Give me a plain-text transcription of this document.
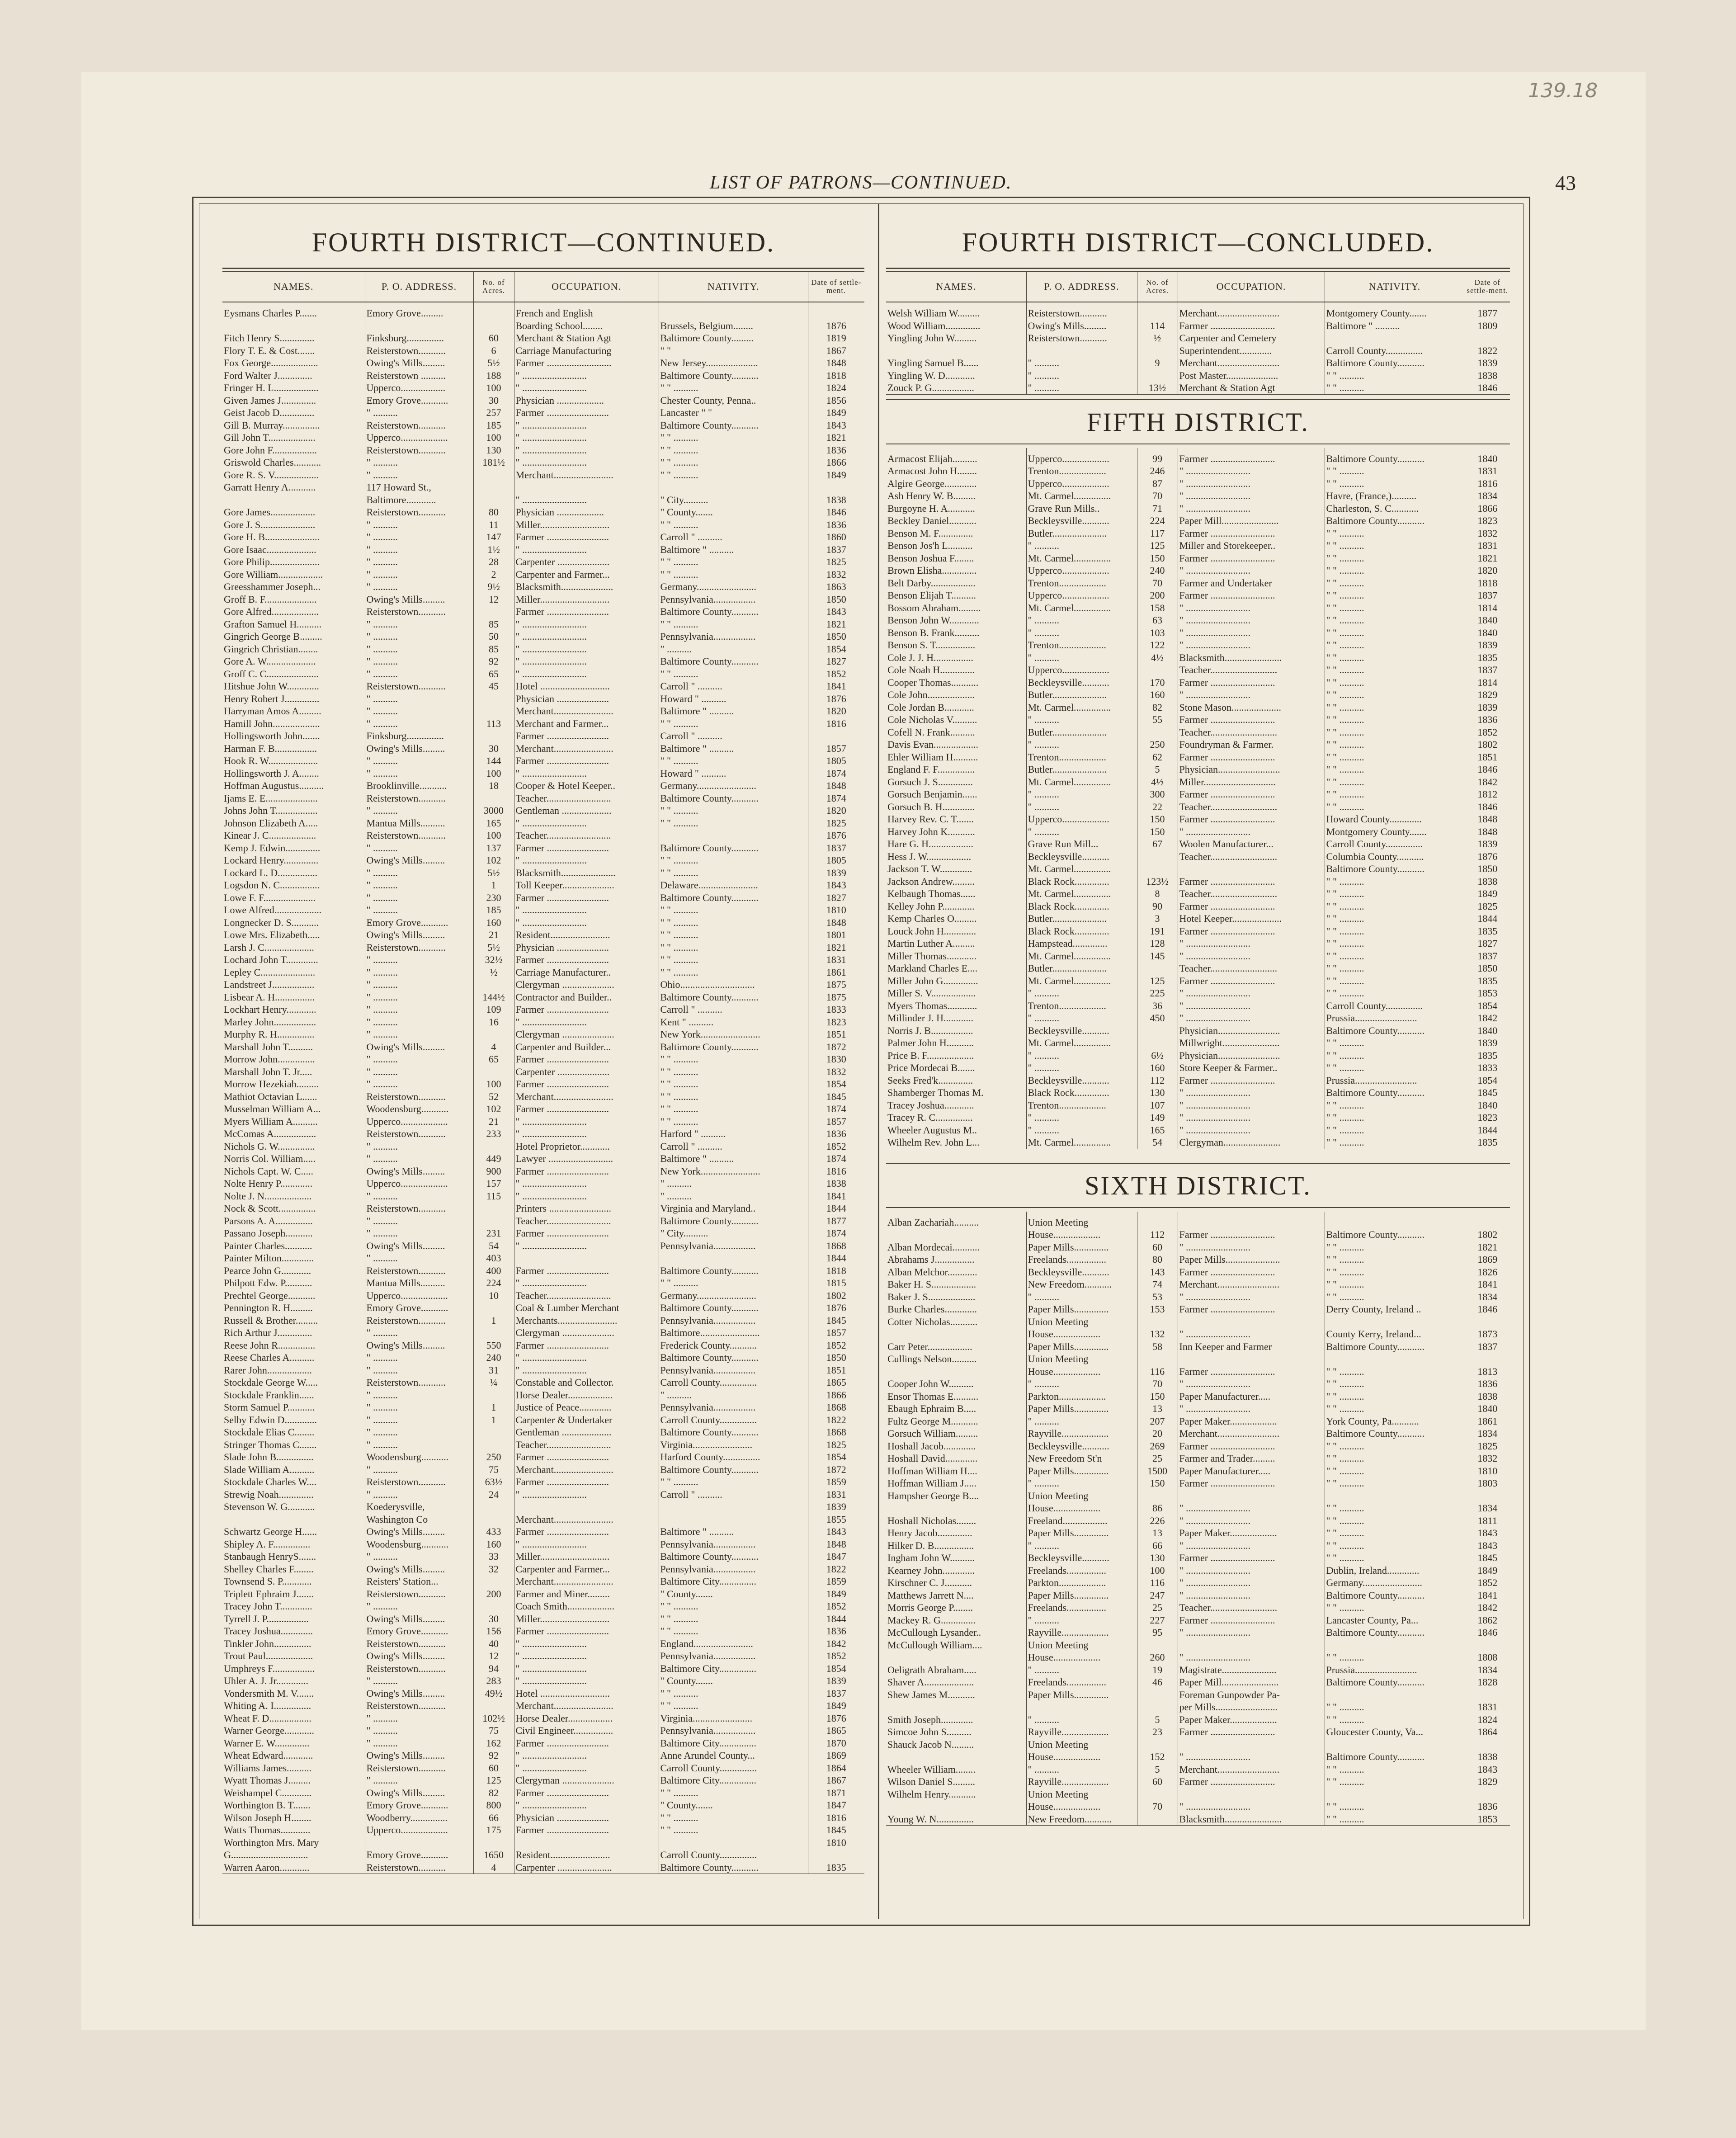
139.18
LIST OF PATRONS—CONTINUED.	43
FOURTH DISTRICT—CONTINUED.
NAMES.	P. O. ADDRESS.	No. of Acres.	OCCUPATION.	NATIVITY.	Date of settle-ment.
Eysmans Charles P.......	Emory Grove.........		French and English		
			Boarding School........	Brussels, Belgium........	1876
Fitch Henry S..............	Finksburg...............	60	Merchant & Station Agt	Baltimore County.........	1819
Flory T. E. & Cost.......	Reisterstown...........	6	Carriage Manufacturing	" "	1867
Fox George...................	Owing's Mills.........	5½	Farmer ..........................	New Jersey.....................	1848
Ford Walter J..............	Reisterstown ..........	188	" ..........................	Baltimore County...........	1818
Fringer H. L..................	Upperco..................	100	" ..........................	" " ..........	1824
Given James J..............	Emory Grove...........	30	Physician ...................	Chester County, Penna..	1856
Geist Jacob D..............	" ..........	257	Farmer .........................	Lancaster " "	1849
Gill B. Murray...............	Reisterstown...........	185	" ..........................	Baltimore County...........	1843
Gill John T...................	Upperco...................	100	" ..........................	" " ..........	1821
Gore John F..................	Reisterstown...........	130	" ..........................	" " ..........	1836
Griswold Charles...........	" ..........	181½	" ..........................	" " ..........	1866
Gore R. S. V..................	" ..........		Merchant........................	" " ..........	1849
Garratt Henry A...........	117 Howard St.,				
	Baltimore............		" ..........................	" City..........	1838
Gore James..................	Reisterstown...........	80	Physician ...................	" County.......	1846
Gore J. S......................	" ..........	11	Miller............................	" " ..........	1836
Gore H. B......................	" ..........	147	Farmer .........................	Carroll " ..........	1860
Gore Isaac....................	" ..........	1½	" ..........................	Baltimore " ..........	1837
Gore Philip....................	" ..........	28	Carpenter .....................	" " ..........	1825
Gore William..................	" ..........	2	Carpenter and Farmer...	" " ..........	1832
Greesshammer Joseph...	" ..........	9½	Blacksmith.....................	Germany........................	1863
Groff B. F.....................	Owing's Mills.........	12	Miller............................	Pennsylvania.................	1850
Gore Alfred...................	Reisterstown...........		Farmer .........................	Baltimore County...........	1843
Grafton Samuel H..........	" ..........	85	" ..........................	" " ..........	1821
Gingrich George B.........	" ..........	50	" ..........................	Pennsylvania.................	1850
Gingrich Christian........	" ..........	85	" ..........................	" ..........	1854
Gore A. W....................	" ..........	92	" ..........................	Baltimore County...........	1827
Groff C. C.....................	" ..........	65	" ..........................	" " ..........	1852
Hitshue John W.............	Reisterstown...........	45	Hotel ............................	Carroll " ..........	1841
Henry Robert J..............	" ..........		Physician .....................	Howard " ..........	1876
Harryman Amos A.........	" ..........		Merchant........................	Baltimore " ..........	1820
Hamill John...................	" ..........	113	Merchant and Farmer...	" " ..........	1816
Hollingsworth John.......	Finksburg...............		Farmer .........................	Carroll " ..........	
Harman F. B.................	Owing's Mills.........	30	Merchant........................	Baltimore " ..........	1857
Hook R. W....................	" ..........	144	Farmer .........................	" " ..........	1805
Hollingsworth J. A........	" ..........	100	" ..........................	Howard " ..........	1874
Hoffman Augustus..........	Brooklinville...........	18	Cooper & Hotel Keeper..	Germany........................	1848
Ijams E. E.....................	Reisterstown...........		Teacher..........................	Baltimore County...........	1874
Johns John T.................	" ..........	3000	Gentleman ....................	" " ..........	1820
Johnson Elizabeth A.....	Mantua Mills..........	165	" ..........................	" " ..........	1825
Kinear J. C...................	Reisterstown...........	100	Teacher..........................		1876
Kemp J. Edwin..............	" ..........	137	Farmer .........................	Baltimore County...........	1837
Lockard Henry..............	Owing's Mills.........	102	" ..........................	" " ..........	1805
Lockard L. D................	" ..........	5½	Blacksmith......................	" " ..........	1839
Logsdon N. C................	" ..........	1	Toll Keeper.....................	Delaware........................	1843
Lowe F. F.....................	" ..........	230	Farmer .........................	Baltimore County...........	1827
Lowe Alfred...................	" ..........	185	" ..........................	" " ..........	1810
Longnecker D. S...........	Emory Grove...........	160	" ..........................	" " ..........	1848
Lowe Mrs. Elizabeth.....	Owing's Mills.........	21	Resident........................	" " ..........	1801
Larsh J. C....................	Reisterstown...........	5½	Physician .....................	" " ..........	1821
Lochard John T.............	" ..........	32½	Farmer .........................	" " ..........	1831
Lepley C......................	" ..........	½	Carriage Manufacturer..	" " ..........	1861
Landstreet J.................	" ..........		Clergyman .....................	Ohio..............................	1875
Lisbear A. H................	" ..........	144½	Contractor and Builder..	Baltimore County...........	1875
Lockhart Henry............	" ..........	109	Farmer .........................	Carroll " ..........	1833
Marley John.................	" ..........	16	" ..........................	Kent " ..........	1823
Murphy R. H...............	" ..........		Clergyman .....................	New York........................	1851
Marshall John T..........	Owing's Mills.........	4	Carpenter and Builder...	Baltimore County...........	1872
Morrow John...............	" ..........	65	Farmer .........................	" " ..........	1830
Marshall John T. Jr.....	" ..........		Carpenter .....................	" " ..........	1832
Morrow Hezekiah.........	" ..........	100	Farmer .........................	" " ..........	1854
Mathiot Octavian L......	Reisterstown...........	52	Merchant........................	" " ..........	1845
Musselman William A...	Woodensburg...........	102	Farmer .........................	" " ..........	1874
Myers William A..........	Upperco...................	21	" ..........................	" " ..........	1857
McComas A.................	Reisterstown...........	233	" ..........................	Harford " ..........	1836
Nichols G. W...............	" ..........		Hotel Proprietor............	Carroll " ..........	1852
Norris Col. William.....	" ..........	449	Lawyer ..........................	Baltimore " ..........	1874
Nichols Capt. W. C.....	Owing's Mills.........	900	Farmer .........................	New York........................	1816
Nolte Henry P.............	Upperco...................	157	" ..........................	" ..........	1838
Nolte J. N...................	" ..........	115	" ..........................	" ..........	1841
Nock & Scott...............	Reisterstown...........		Printers .........................	Virginia and Maryland..	1844
Parsons A. A...............	" ..........		Teacher..........................	Baltimore County...........	1877
Passano Joseph...........	" ..........	231	Farmer .........................	" City..........	1874
Painter Charles...........	Owing's Mills.........	54	" ..........................	Pennsylvania.................	1868
Painter Milton.............	" ..........	403			1844
Pearce John G............	Reisterstown...........	400	Farmer .........................	Baltimore County...........	1818
Philpott Edw. P...........	Mantua Mills..........	224	" ..........................	" " ..........	1815
Prechtel George...........	Upperco...................	10	Teacher..........................	Germany........................	1802
Pennington R. H.........	Emory Grove...........		Coal & Lumber Merchant	Baltimore County...........	1876
Russell & Brother.........	Reisterstown...........	1	Merchants........................	Pennsylvania.................	1845
Rich Arthur J..............	" ..........		Clergyman .....................	Baltimore........................	1857
Reese John R...............	Owing's Mills.........	550	Farmer .........................	Frederick County...........	1852
Reese Charles A..........	" ..........	240	" ..........................	Baltimore County...........	1850
Rarer John..................	" ..........	31	" ..........................	Pennsylvania.................	1851
Stockdale George W.....	Reisterstown...........	¼	Constable and Collector.	Carroll County...............	1865
Stockdale Franklin......	" ..........		Horse Dealer..................	" ..........	1866
Storm Samuel P...........	" ..........	1	Justice of Peace.............	Pennsylvania.................	1868
Selby Edwin D.............	" ..........	1	Carpenter & Undertaker	Carroll County...............	1822
Stockdale Elias C........	" ..........		Gentleman ....................	Baltimore County...........	1868
Stringer Thomas C.......	" ..........		Teacher..........................	Virginia........................	1825
Slade John B...............	Woodensburg...........	250	Farmer .........................	Harford County...............	1854
Slade William A..........	" ..........	75	Merchant........................	Baltimore County...........	1872
Stockdale Charles W....	Reisterstown...........	63½	Farmer .........................	" " ..........	1859
Strewig Noah..............	" ..........	24	" ..........................	Carroll " ..........	1831
Stevenson W. G...........	Koederysville,				1839
	Washington Co		Merchant........................		1855
Schwartz George H......	Owing's Mills.........	433	Farmer .........................	Baltimore " ..........	1843
Shipley A. F...............	Woodensburg...........	160	" ..........................	Pennsylvania.................	1848
Stanbaugh HenryS.......	" ..........	33	Miller............................	Baltimore County...........	1847
Shelley Charles F........	Owing's Mills.........	32	Carpenter and Farmer...	Pennsylvania.................	1822
Townsend S. P............	Reisters' Station...		Merchant........................	Baltimore City...............	1859
Triplett Ephraim J.......	Reisterstown...........	200	Farmer and Miner.........	" County.......	1849
Tracey John T.............	" ..........		Coach Smith...................	" " ..........	1852
Tyrrell J. P.................	Owing's Mills.........	30	Miller............................	" " ..........	1844
Tracey Joshua.............	Emory Grove...........	156	Farmer .........................	" " ..........	1836
Tinkler John...............	Reisterstown...........	40	" ..........................	England........................	1842
Trout Paul...................	Owing's Mills.........	12	" ..........................	Pennsylvania.................	1852
Umphreys F.................	Reisterstown...........	94	" ..........................	Baltimore City...............	1854
Uhler A. J. Jr.............	" ..........	283	" ..........................	" County.......	1839
Vondersmith M. V.......	Owing's Mills.........	49½	Hotel ............................	" " ..........	1837
Whiting A. I...............	Reisterstown...........		Merchant........................	" " ..........	1849
Wheat F. D.................	" ..........	102½	Horse Dealer..................	Virginia........................	1876
Warner George............	" ..........	75	Civil Engineer................	Pennsylvania.................	1865
Warner E. W..............	" ..........	162	Farmer .........................	Baltimore City...............	1870
Wheat Edward............	Owing's Mills.........	92	" ..........................	Anne Arundel County...	1869
Williams James..........	Reisterstown...........	60	" ..........................	Carroll County...............	1864
Wyatt Thomas J.........	" ..........	125	Clergyman .....................	Baltimore City...............	1867
Weishampel C............	Owing's Mills.........	82	Farmer .........................	" " ..........	1871
Worthington B. T.......	Emory Grove...........	800	" ..........................	" County.......	1847
Wilson Joseph H........	Woodberry...............	66	Physician .....................	" " ..........	1816
Watts Thomas............	Upperco...................	175	Farmer .........................	" " ..........	1845
Worthington Mrs. Mary					1810
G...............................	Emory Grove...........	1650	Resident........................	Carroll County...............	
Warren Aaron............	Reisterstown...........	4	Carpenter ......................	Baltimore County...........	1835
FOURTH DISTRICT—CONCLUDED.
NAMES.	P. O. ADDRESS.	No. of Acres.	OCCUPATION.	NATIVITY.	Date of settle-ment.
Welsh William W.........	Reisterstown...........		Merchant.........................	Montgomery County.......	1877
Wood William..............	Owing's Mills.........	114	Farmer ..........................	Baltimore " ..........	1809
Yingling John W.........	Reisterstown...........	½	Carpenter and Cemetery		
			Superintendent.............	Carroll County...............	1822
Yingling Samuel B......	" ..........	9	Merchant.........................	Baltimore County...........	1839
Yingling W. D............	" ..........		Post Master.....................	" " ..........	1838
Zouck P. G.................	" ..........	13½	Merchant & Station Agt	" " ..........	1846
FIFTH DISTRICT.
Armacost Elijah..........	Upperco...................	99	Farmer ..........................	Baltimore County...........	1840
Armacost John H........	Trenton...................	246	" ..........................	" " ..........	1831
Algire George.............	Upperco...................	87	" ..........................	" " ..........	1816
Ash Henry W. B.........	Mt. Carmel...............	70	" ..........................	Havre, (France,)..........	1834
Burgoyne H. A...........	Grave Run Mills..	71	" ..........................	Charleston, S. C...........	1866
Beckley Daniel...........	Beckleysville...........	224	Paper Mill.......................	Baltimore County...........	1823
Benson M. F..............	Butler......................	117	Farmer ..........................	" " ..........	1832
Benson Jos'h L..........	" ..........	125	Miller and Storekeeper..	" " ..........	1831
Benson Joshua F........	Mt. Carmel...............	150	Farmer ..........................	" " ..........	1821
Brown Elisha..............	Upperco...................	240	" ..........................	" " ..........	1820
Belt Darby..................	Trenton...................	70	Farmer and Undertaker	" " ..........	1818
Benson Elijah T..........	Upperco...................	200	Farmer ..........................	" " ..........	1837
Bossom Abraham.........	Mt. Carmel...............	158	" ..........................	" " ..........	1814
Benson John W............	" ..........	63	" ..........................	" " ..........	1840
Benson B. Frank..........	" ..........	103	" ..........................	" " ..........	1840
Benson S. T................	Trenton...................	122	" ..........................	" " ..........	1839
Cole J. J. H................	" ..........	4½	Blacksmith.......................	" " ..........	1835
Cole Noah H..............	Upperco...................		Teacher...........................	" " ..........	1837
Cooper Thomas...........	Beckleysville...........	170	Farmer ..........................	" " ..........	1814
Cole John...................	Butler......................	160	" ..........................	" " ..........	1829
Cole Jordan B............	Mt. Carmel...............	82	Stone Mason....................	" " ..........	1839
Cole Nicholas V..........	" ..........	55	Farmer ..........................	" " ..........	1836
Cofell N. Frank..........	Butler......................		Teacher...........................	" " ..........	1852
Davis Evan..................	" ..........	250	Foundryman & Farmer.	" " ..........	1802
Ehler William H..........	Trenton...................	62	Farmer ..........................	" " ..........	1851
England F. F...............	Butler......................	5	Physician.........................	" " ..........	1846
Gorsuch J. S..............	Mt. Carmel...............	4½	Miller.............................	" " ..........	1842
Gorsuch Benjamin......	" ..........	300	Farmer ..........................	" " ..........	1812
Gorsuch B. H.............	" ..........	22	Teacher...........................	" " ..........	1846
Harvey Rev. C. T.......	Upperco...................	150	Farmer ..........................	Howard County.............	1848
Harvey John K...........	" ..........	150	" ..........................	Montgomery County.......	1848
Hare G. H..................	Grave Run Mill...	67	Woolen Manufacturer...	Carroll County...............	1839
Hess J. W..................	Beckleysville...........		Teacher...........................	Columbia County...........	1876
Jackson T. W.............	Mt. Carmel...............			Baltimore County...........	1850
Jackson Andrew.........	Black Rock..............	123½	Farmer ..........................	" " ..........	1838
Kelbaugh Thomas......	Mt. Carmel...............	8	Teacher...........................	" " ..........	1849
Kelley John P.............	Black Rock..............	90	Farmer ..........................	" " ..........	1825
Kemp Charles O.........	Butler......................	3	Hotel Keeper....................	" " ..........	1844
Louck John H.............	Black Rock..............	191	Farmer ..........................	" " ..........	1835
Martin Luther A.........	Hampstead..............	128	" ..........................	" " ..........	1827
Miller Thomas............	Mt. Carmel...............	145	" ..........................	" " ..........	1837
Markland Charles E....	Butler......................		Teacher...........................	" " ..........	1850
Miller John G..............	Mt. Carmel...............	125	Farmer ..........................	" " ..........	1835
Miller S. V..................	" ..........	225	" ..........................	" " ..........	1853
Myers Thomas............	Trenton...................	36	" ..........................	Carroll County...............	1854
Millinder J. H............	" ..........	450	" ..........................	Prussia.........................	1842
Norris J. B.................	Beckleysville...........		Physician.........................	Baltimore County...........	1840
Palmer John H...........	Mt. Carmel...............		Millwright.......................	" " ..........	1839
Price B. F...................	" ..........	6½	Physician.........................	" " ..........	1835
Price Mordecai B.......	" ..........	160	Store Keeper & Farmer..	" " ..........	1833
Seeks Fred'k..............	Beckleysville...........	112	Farmer ..........................	Prussia.........................	1854
Shamberger Thomas M.	Black Rock..............	130	" ..........................	Baltimore County...........	1845
Tracey Joshua............	Trenton...................	107	" ..........................	" " ..........	1840
Tracey R. C...............	" ..........	149	" ..........................	" " ..........	1823
Wheeler Augustus M..	" ..........	165	" ..........................	" " ..........	1844
Wilhelm Rev. John L...	Mt. Carmel...............	54	Clergyman.......................	" " ..........	1835
SIXTH DISTRICT.
Alban Zachariah..........	Union Meeting				
	House...................	112	Farmer ..........................	Baltimore County...........	1802
Alban Mordecai...........	Paper Mills..............	60	" ..........................	" " ..........	1821
Abrahams J................	Freelands................	80	Paper Mills......................	" " ..........	1869
Alban Melchor............	Beckleysville...........	143	Farmer ..........................	" " ..........	1826
Baker H. S..................	New Freedom...........	74	Merchant.........................	" " ..........	1841
Baker J. S...................	" ..........	53	" ..........................	" " ..........	1834
Burke Charles.............	Paper Mills..............	153	Farmer ..........................	Derry County, Ireland ..	1846
Cotter Nicholas...........	Union Meeting				
	House...................	132	" ..........................	County Kerry, Ireland...	1873
Carr Peter..................	Paper Mills..............	58	Inn Keeper and Farmer	Baltimore County...........	1837
Cullings Nelson..........	Union Meeting				
	House...................	116	Farmer ..........................	" " ..........	1813
Cooper John W..........	" ..........	70	" ..........................	" " ..........	1836
Ensor Thomas E..........	Parkton...................	150	Paper Manufacturer.....	" " ..........	1838
Ebaugh Ephraim B.....	Paper Mills..............	13	" ..........................	" " ..........	1840
Fultz George M...........	" ..........	207	Paper Maker...................	York County, Pa...........	1861
Gorsuch William.........	Rayville...................	20	Merchant.........................	Baltimore County...........	1834
Hoshall Jacob.............	Beckleysville...........	269	Farmer ..........................	" " ..........	1825
Hoshall David.............	New Freedom St'n	25	Farmer and Trader.........	" " ..........	1832
Hoffman William H....	Paper Mills..............	1500	Paper Manufacturer.....	" " ..........	1810
Hoffman William J.....	" ..........	150	Farmer ..........................	" " ..........	1803
Hampsher George B....	Union Meeting				
	House...................	86	" ..........................	" " ..........	1834
Hoshall Nicholas........	Freeland..................	226	" ..........................	" " ..........	1811
Henry Jacob..............	Paper Mills..............	13	Paper Maker...................	" " ..........	1843
Hilker D. B................	" ..........	66	" ..........................	" " ..........	1843
Ingham John W..........	Beckleysville...........	130	Farmer ..........................	" " ..........	1845
Kearney John.............	Freelands................	100	" ..........................	Dublin, Ireland.............	1849
Kirschner C. J...........	Parkton...................	116	" ..........................	Germany........................	1852
Matthews Jarrett N....	Paper Mills..............	247	" ..........................	Baltimore County...........	1841
Morris George P........	Freelands................	25	Teacher...........................	" " ..........	1842
Mackey R. G..............	" ..........	227	Farmer ..........................	Lancaster County, Pa...	1862
McCullough Lysander..	Rayville...................	95	" ..........................	Baltimore County...........	1846
McCullough William....	Union Meeting				
	House...................	260	" ..........................	" " ..........	1808
Oeligrath Abraham.....	" ..........	19	Magistrate......................	Prussia.........................	1834
Shaver A....................	Freelands................	46	Paper Mill.......................	Baltimore County...........	1828
Shew James M...........	Paper Mills..............		Foreman Gunpowder Pa-		
			per Mills.........................	" " ..........	1831
Smith Joseph.............	" ..........	5	Paper Maker...................	" " ..........	1824
Simcoe John S..........	Rayville...................	23	Farmer ..........................	Gloucester County, Va...	1864
Shauck Jacob N.........	Union Meeting				
	House...................	152	" ..........................	Baltimore County...........	1838
Wheeler William........	" ..........	5	Merchant.........................	" " ..........	1843
Wilson Daniel S.........	Rayville...................	60	Farmer ..........................	" " ..........	1829
Wilhelm Henry...........	Union Meeting				
	House...................	70	" ..........................	" " ..........	1836
Young W. N...............	New Freedom...........		Blacksmith.......................	" " ..........	1853
